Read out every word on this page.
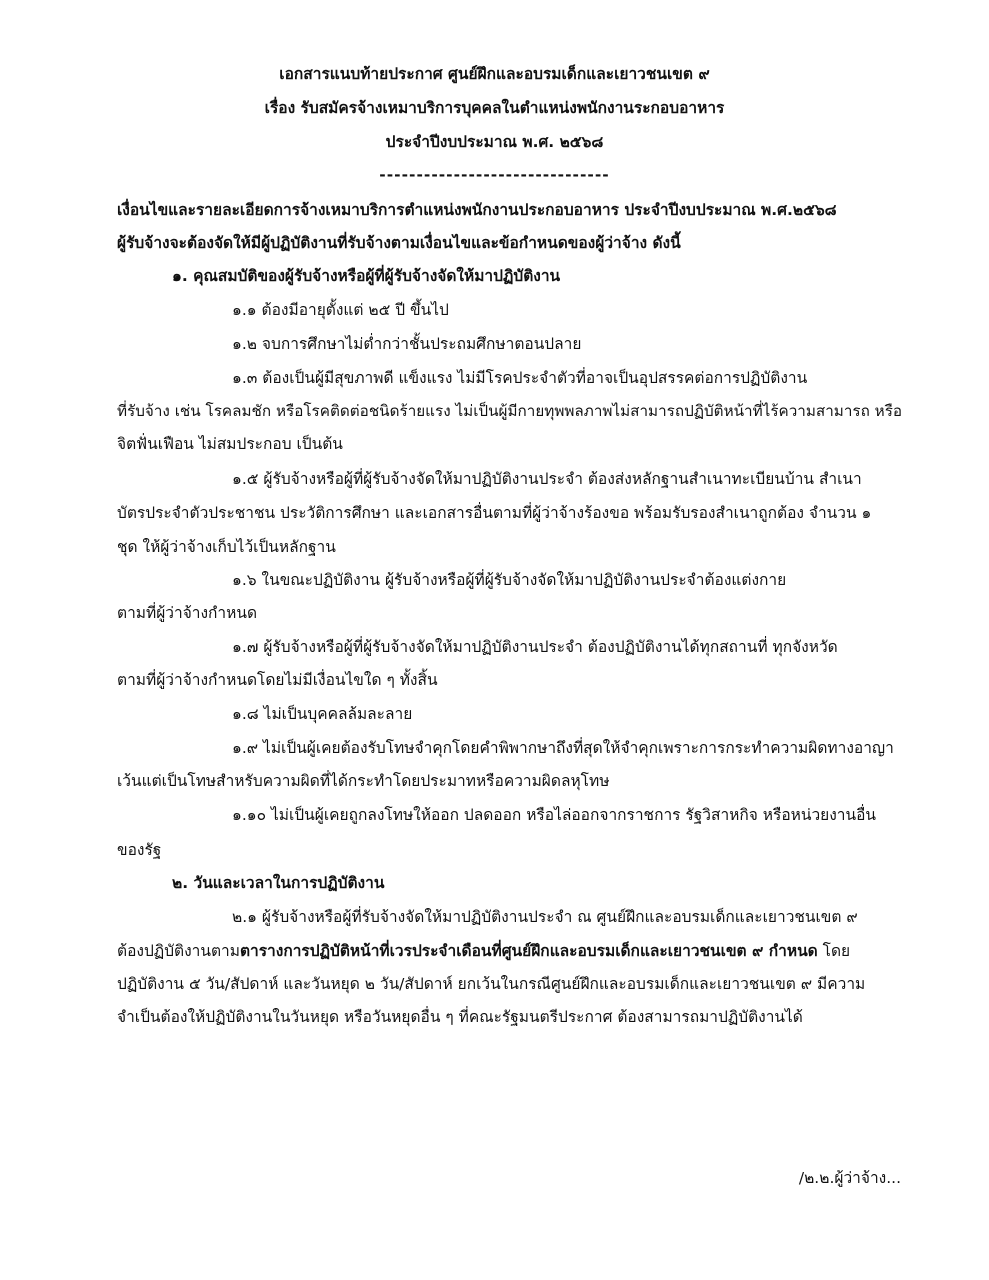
เอกสารแนบท้ายประกาศ ศูนย์ฝึกและอบรมเด็กและเยาวชนเขต ๙
เรื่อง รับสมัครจ้างเหมาบริการบุคคลในตำแหน่งพนักงานระกอบอาหาร
ประจำปีงบประมาณ พ.ศ. ๒๕๖๘
-------------------------------
เงื่อนไขและรายละเอียดการจ้างเหมาบริการตำแหน่งพนักงานประกอบอาหาร ประจำปีงบประมาณ พ.ศ.๒๕๖๘
ผู้รับจ้างจะต้องจัดให้มีผู้ปฏิบัติงานที่รับจ้างตามเงื่อนไขและข้อกำหนดของผู้ว่าจ้าง ดังนี้
๑. คุณสมบัติของผู้รับจ้างหรือผู้ที่ผู้รับจ้างจัดให้มาปฏิบัติงาน
๑.๑ ต้องมีอายุตั้งแต่ ๒๕ ปี ขึ้นไป
๑.๒ จบการศึกษาไม่ต่ำกว่าชั้นประถมศึกษาตอนปลาย
๑.๓ ต้องเป็นผู้มีสุขภาพดี แข็งแรง ไม่มีโรคประจำตัวที่อาจเป็นอุปสรรคต่อการปฏิบัติงาน
ที่รับจ้าง เช่น โรคลมชัก หรือโรคติดต่อชนิดร้ายแรง ไม่เป็นผู้มีกายทุพพลภาพไม่สามารถปฏิบัติหน้าที่ไร้ความสามารถ หรือ
จิตฟั่นเฟือน ไม่สมประกอบ เป็นต้น
๑.๕ ผู้รับจ้างหรือผู้ที่ผู้รับจ้างจัดให้มาปฏิบัติงานประจำ ต้องส่งหลักฐานสำเนาทะเบียนบ้าน สำเนา
บัตรประจำตัวประชาชน ประวัติการศึกษา และเอกสารอื่นตามที่ผู้ว่าจ้างร้องขอ พร้อมรับรองสำเนาถูกต้อง จำนวน ๑
ชุด ให้ผู้ว่าจ้างเก็บไว้เป็นหลักฐาน
๑.๖ ในขณะปฏิบัติงาน ผู้รับจ้างหรือผู้ที่ผู้รับจ้างจัดให้มาปฏิบัติงานประจำต้องแต่งกาย
ตามที่ผู้ว่าจ้างกำหนด
๑.๗ ผู้รับจ้างหรือผู้ที่ผู้รับจ้างจัดให้มาปฏิบัติงานประจำ ต้องปฏิบัติงานได้ทุกสถานที่ ทุกจังหวัด
ตามที่ผู้ว่าจ้างกำหนดโดยไม่มีเงื่อนไขใด ๆ ทั้งสิ้น
๑.๘ ไม่เป็นบุคคลล้มละลาย
๑.๙ ไม่เป็นผู้เคยต้องรับโทษจำคุกโดยคำพิพากษาถึงที่สุดให้จำคุกเพราะการกระทำความผิดทางอาญา
เว้นแต่เป็นโทษสำหรับความผิดที่ได้กระทำโดยประมาทหรือความผิดลหุโทษ
๑.๑๐ ไม่เป็นผู้เคยถูกลงโทษให้ออก ปลดออก หรือไล่ออกจากราชการ รัฐวิสาหกิจ หรือหน่วยงานอื่น
ของรัฐ
๒. วันและเวลาในการปฏิบัติงาน
๒.๑ ผู้รับจ้างหรือผู้ที่รับจ้างจัดให้มาปฏิบัติงานประจำ ณ ศูนย์ฝึกและอบรมเด็กและเยาวชนเขต ๙
ต้องปฏิบัติงานตามตารางการปฏิบัติหน้าที่เวรประจำเดือนที่ศูนย์ฝึกและอบรมเด็กและเยาวชนเขต ๙ กำหนด โดย
ปฏิบัติงาน ๕ วัน/สัปดาห์ และวันหยุด ๒ วัน/สัปดาห์ ยกเว้นในกรณีศูนย์ฝึกและอบรมเด็กและเยาวชนเขต ๙ มีความ
จำเป็นต้องให้ปฏิบัติงานในวันหยุด หรือวันหยุดอื่น ๆ ที่คณะรัฐมนตรีประกาศ ต้องสามารถมาปฏิบัติงานได้
/๒.๒.ผู้ว่าจ้าง...
